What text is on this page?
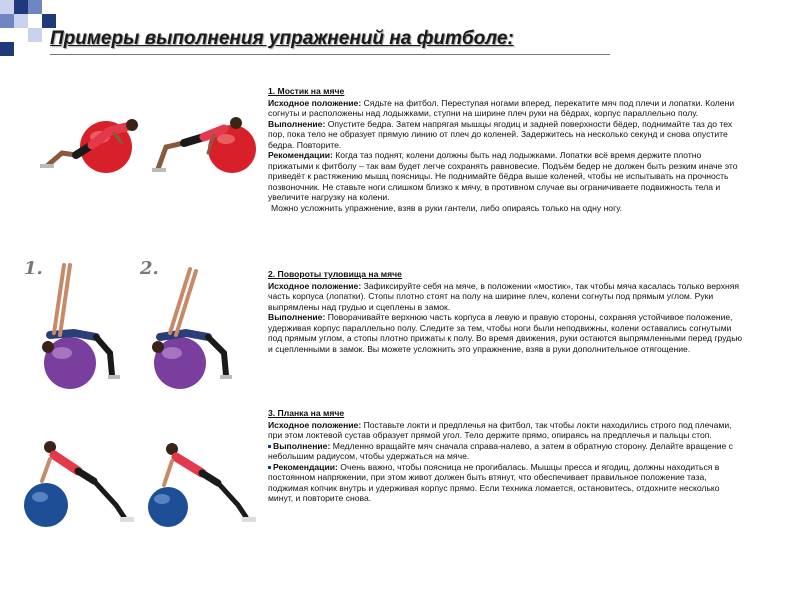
Примеры выполнения упражнений на фитболе:

1. Мостик на мяче

Исходное положение: Сядьте на фитбол. Переступая ногами вперед, перекатите мяч под плечи и лопатки. Колени согнуты и расположены над лодыжками, ступни на ширине плеч руки на бёдрах, корпус параллельно полу.

Выполнение: Опустите бедра. Затем напрягая мышцы ягодиц и задней поверхности бёдер, поднимайте таз до тех пор, пока тело не образует прямую линию от плеч до коленей. Задержитесь на несколько секунд и снова опустите бедра. Повторите.

Рекомендации: Когда таз поднят, колени должны быть над лодыжками. Лопатки всё время держите плотно прижатыми к фитболу – так вам будет легче сохранять равновесие. Подъём бедер не должен быть резким иначе это приведёт к растяжению мышц поясницы. Не поднимайте бёдра выше коленей, чтобы не испытывать на прочность позвоночник. Не ставьте ноги слишком близко к мячу, в противном случае вы ограничиваете подвижность тела и увеличите нагрузку на колени.

Можно усложнить упражнение, взяв в руки гантели, либо опираясь только на одну ногу.

2. Повороты туловища на мяче

Исходное положение: Зафиксируйте себя на мяче, в положении «мостик», так чтобы мяча касалась только верхняя часть корпуса (лопатки). Стопы плотно стоят на полу на ширине плеч, колени согнуты под прямым углом. Руки выпрямлены над грудью и сцеплены в замок.

Выполнение: Поворачивайте верхнюю часть корпуса в левую и правую стороны, сохраняя устойчивое положение, удерживая корпус параллельно полу. Следите за тем, чтобы ноги были неподвижны, колени оставались согнутыми под прямым углом, а стопы плотно прижаты к полу. Во время движения, руки остаются выпрямленными перед грудью и сцепленными в замок. Вы можете усложнить это упражнение, взяв в руки дополнительное отягощение.

3. Планка на мяче

Исходное положение: Поставьте локти и предплечья на фитбол, так чтобы локти находились строго под плечами, при этом локтевой сустав образует прямой угол. Тело держите прямо, опираясь на предплечья и пальцы стоп.

Выполнение: Медленно вращайте мяч сначала справа-налево, а затем в обратную сторону. Делайте вращение с небольшим радиусом, чтобы удержаться на мяче.

Рекомендации: Очень важно, чтобы поясница не прогибалась. Мышцы пресса и ягодиц, должны находиться в постоянном напряжении, при этом живот должен быть втянут, что обеспечивает правильное положение таза, поджимая копчик внутрь и удерживая корпус прямо. Если техника ломается, остановитесь, отдохните несколько минут, и повторите снова.

1.	2.
